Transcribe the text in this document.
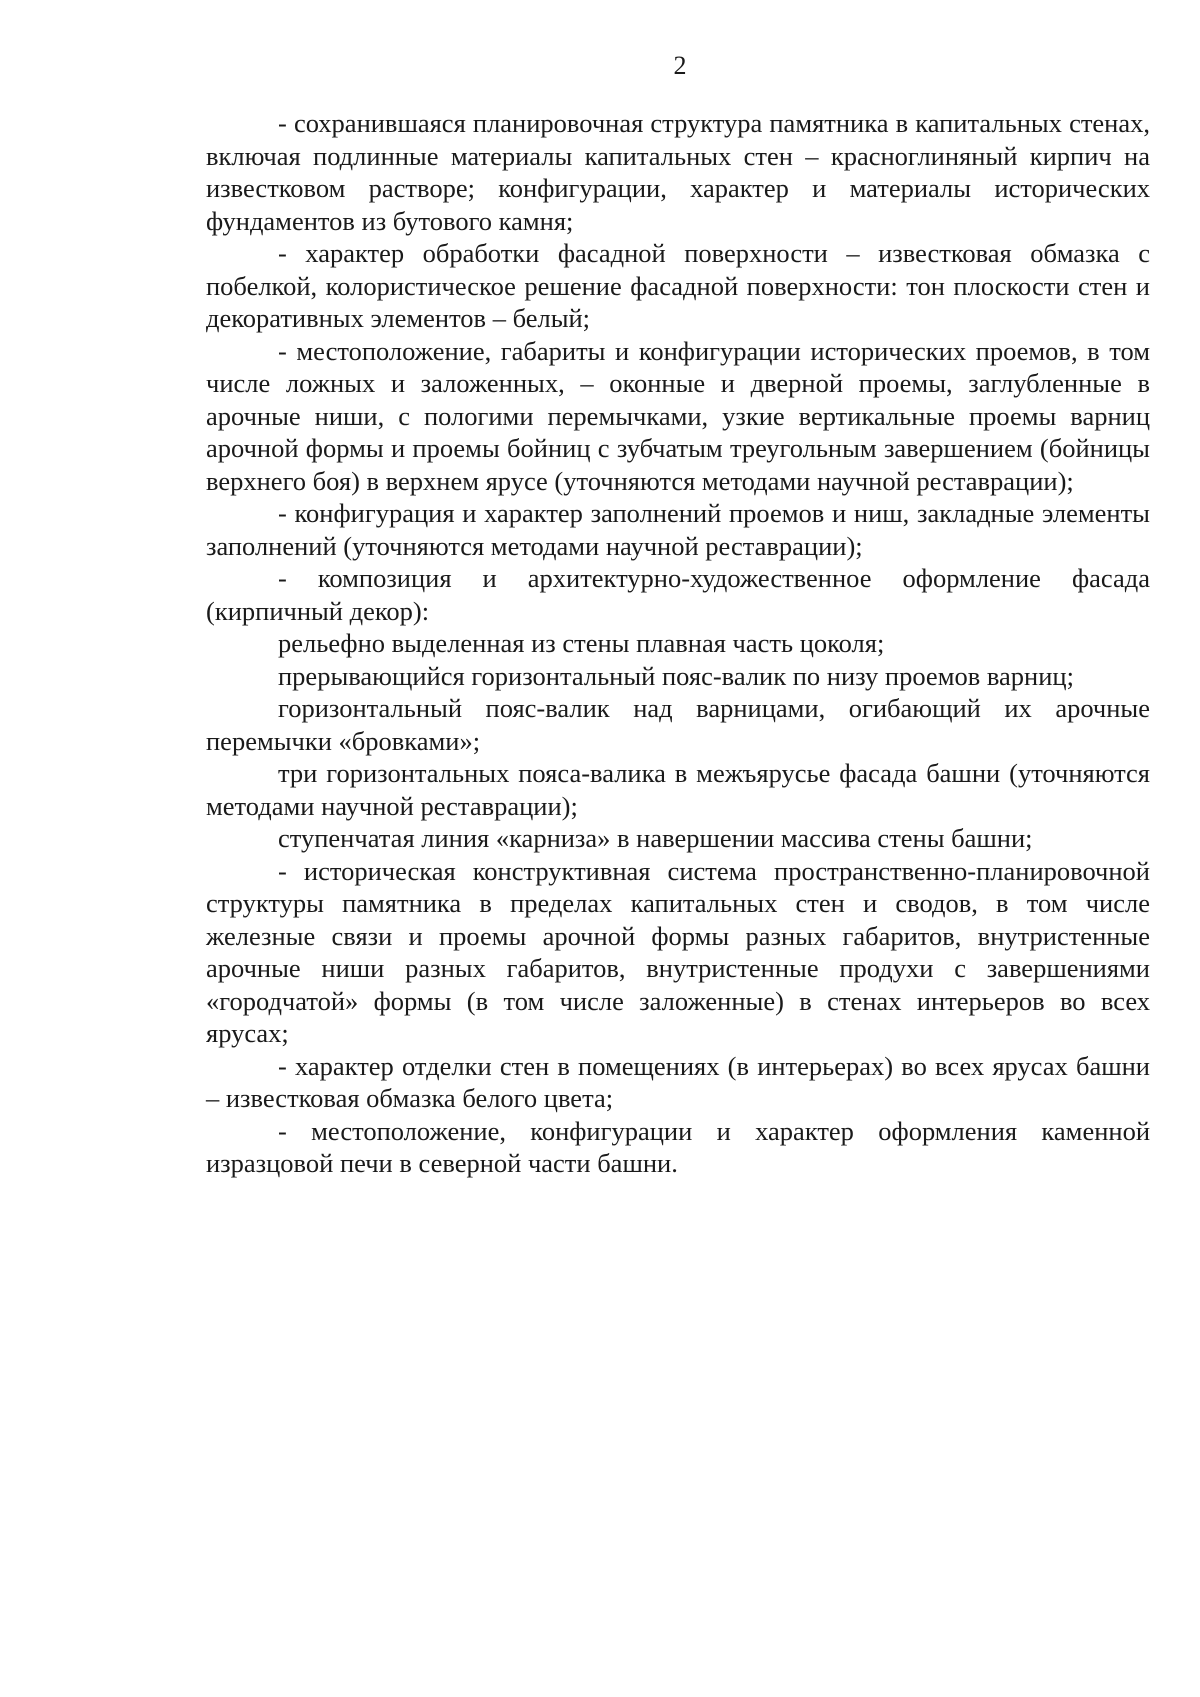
2

- сохранившаяся планировочная структура памятника в капитальных стенах, включая подлинные материалы капитальных стен – красноглиняный кирпич на известковом растворе; конфигурации, характер и материалы исторических фундаментов из бутового камня;

- характер обработки фасадной поверхности – известковая обмазка с побелкой, колористическое решение фасадной поверхности: тон плоскости стен и декоративных элементов – белый;

- местоположение, габариты и конфигурации исторических проемов, в том числе ложных и заложенных, – оконные и дверной проемы, заглубленные в арочные ниши, с пологими перемычками, узкие вертикальные проемы варниц арочной формы и проемы бойниц с зубчатым треугольным завершением (бойницы верхнего боя) в верхнем ярусе (уточняются методами научной реставрации);

- конфигурация и характер заполнений проемов и ниш, закладные элементы заполнений (уточняются методами научной реставрации);

- композиция и архитектурно-художественное оформление фасада (кирпичный декор):

рельефно выделенная из стены плавная часть цоколя;

прерывающийся горизонтальный пояс-валик по низу проемов варниц;

горизонтальный пояс-валик над варницами, огибающий их арочные перемычки «бровками»;

три горизонтальных пояса-валика в межъярусье фасада башни (уточняются методами научной реставрации);

ступенчатая линия «карниза» в навершении массива стены башни;

- историческая конструктивная система пространственно-планировочной структуры памятника в пределах капитальных стен и сводов, в том числе железные связи и проемы арочной формы разных габаритов, внутристенные арочные ниши разных габаритов, внутристенные продухи с завершениями «городчатой» формы (в том числе заложенные) в стенах интерьеров во всех ярусах;

- характер отделки стен в помещениях (в интерьерах) во всех ярусах башни – известковая обмазка белого цвета;

- местоположение, конфигурации и характер оформления каменной изразцовой печи в северной части башни.
